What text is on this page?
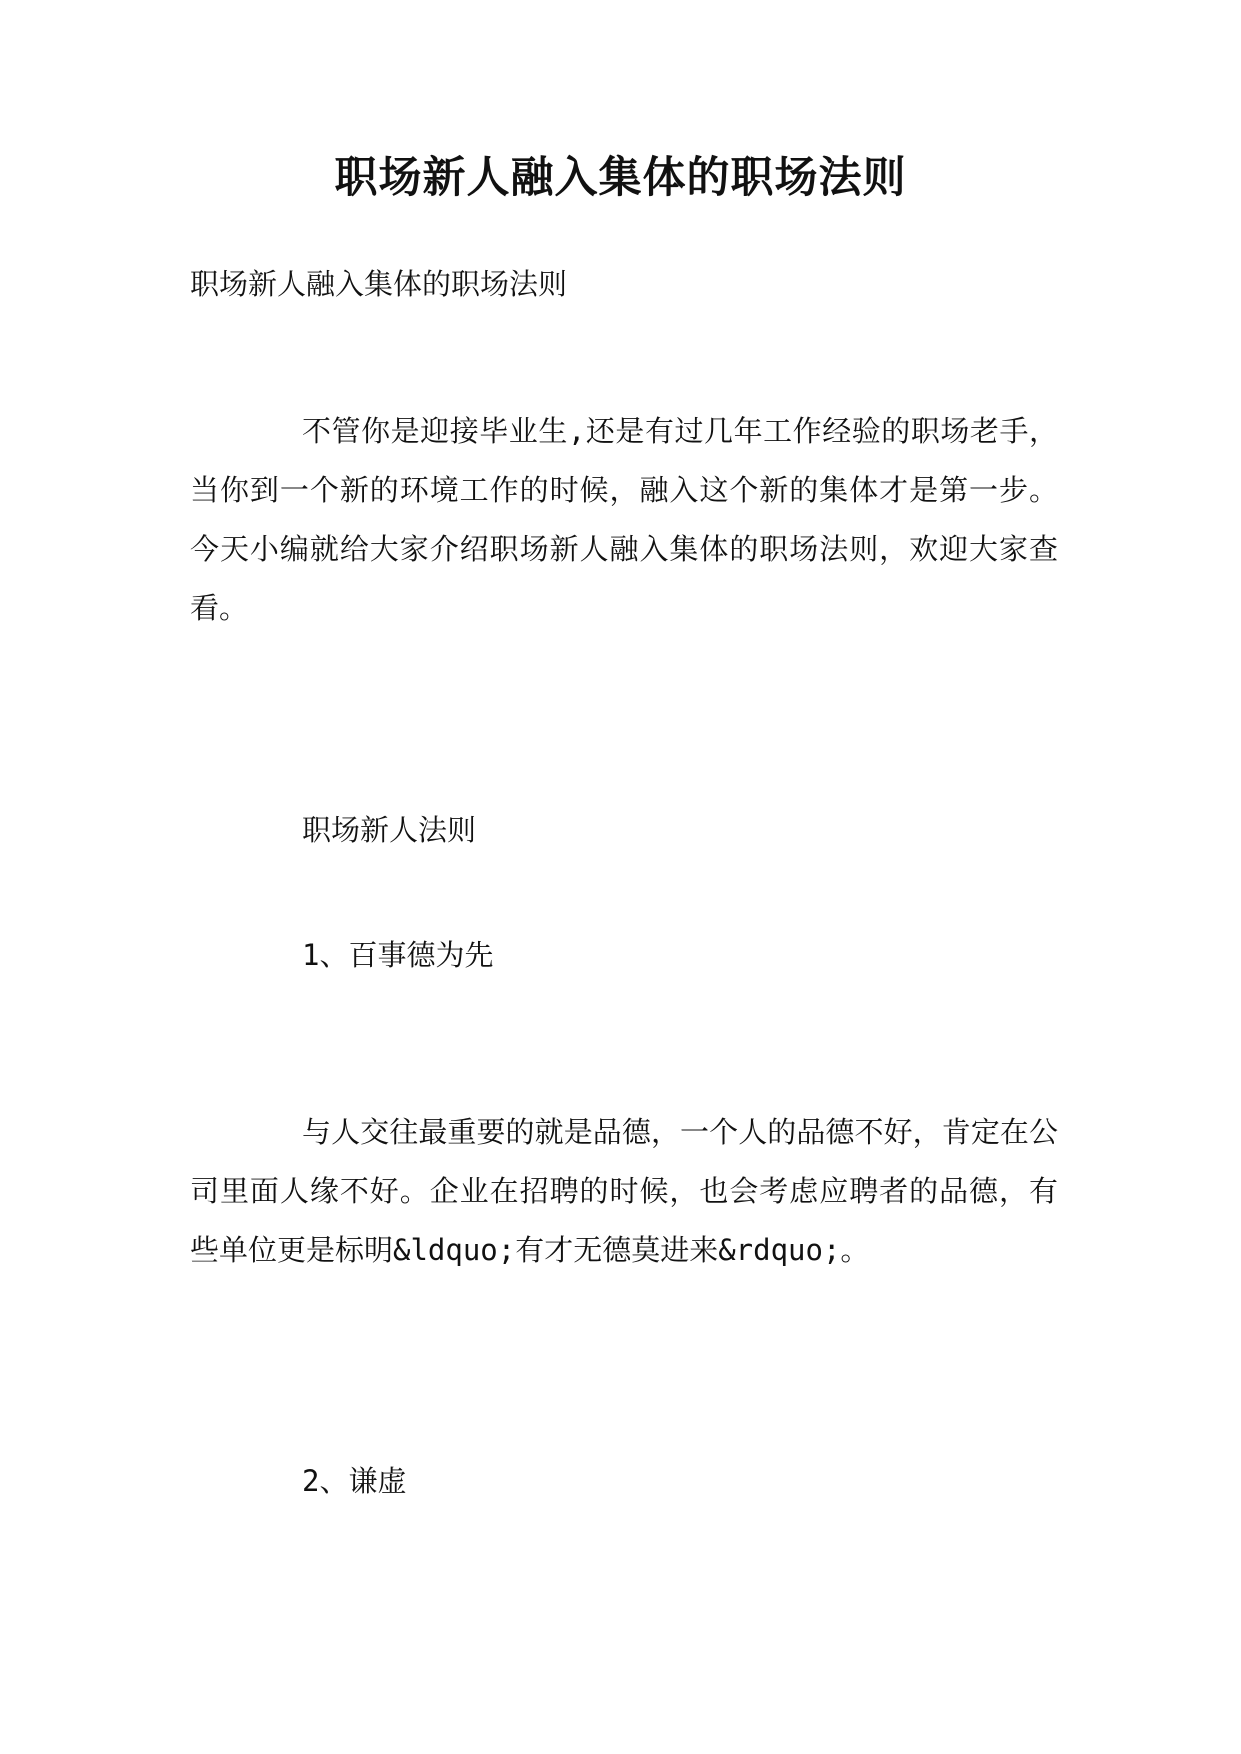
职场新人融入集体的职场法则

职场新人融入集体的职场法则

不管你是迎接毕业生,还是有过几年工作经验的职场老手，当你到一个新的环境工作的时候，融入这个新的集体才是第一步。今天小编就给大家介绍职场新人融入集体的职场法则，欢迎大家查看。

职场新人法则

1、百事德为先

与人交往最重要的就是品德，一个人的品德不好，肯定在公司里面人缘不好。企业在招聘的时候，也会考虑应聘者的品德，有些单位更是标明&ldquo;有才无德莫进来&rdquo;。

2、谦虚
